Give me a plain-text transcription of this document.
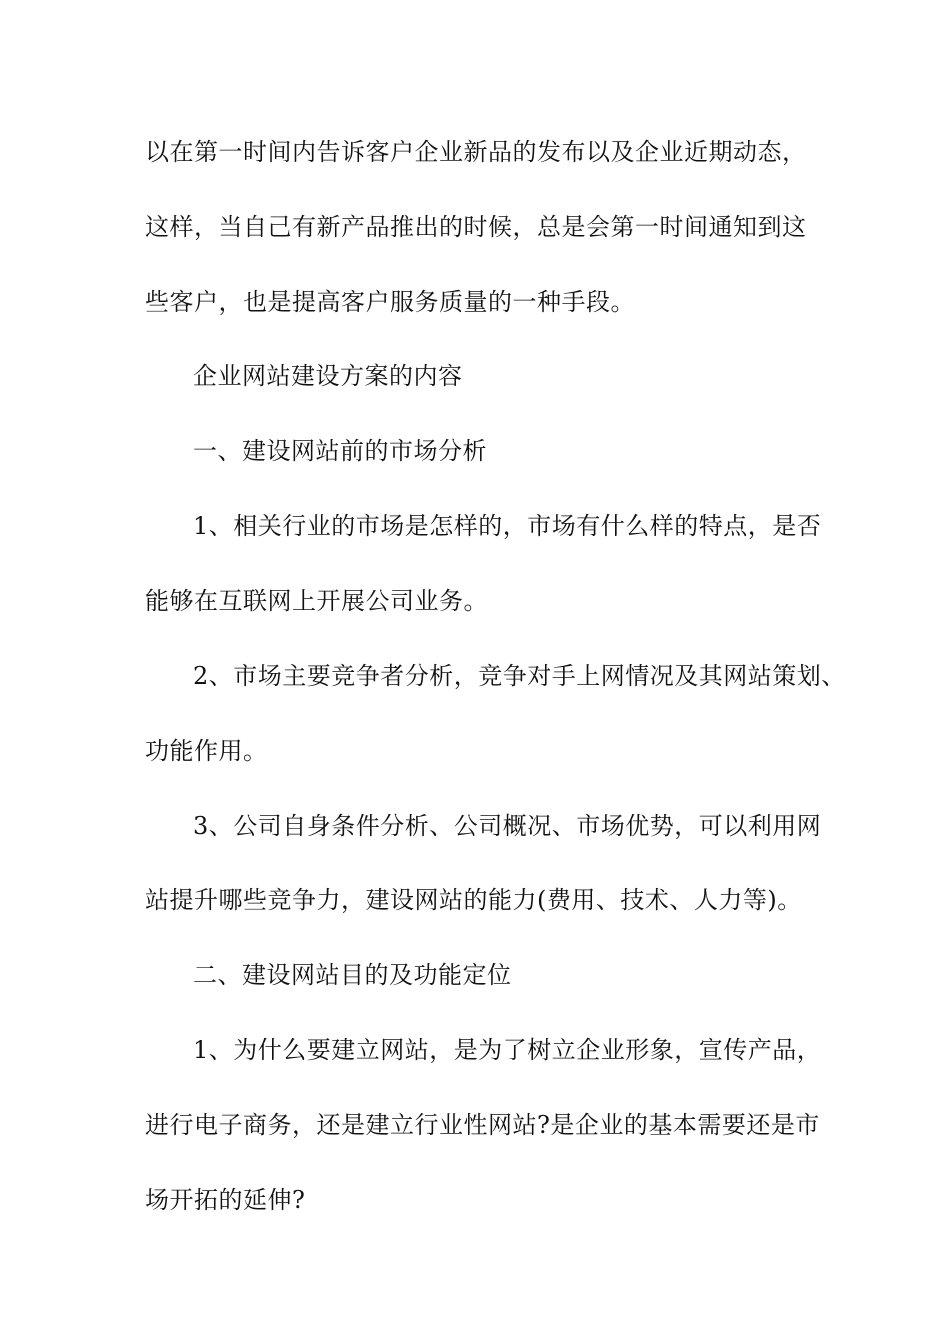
以在第一时间内告诉客户企业新品的发布以及企业近期动态，
这样，当自己有新产品推出的时候，总是会第一时间通知到这
些客户，也是提高客户服务质量的一种手段。
企业网站建设方案的内容
一、建设网站前的市场分析
1、相关行业的市场是怎样的，市场有什么样的特点，是否
能够在互联网上开展公司业务。
2、市场主要竞争者分析，竞争对手上网情况及其网站策划、
功能作用。
3、公司自身条件分析、公司概况、市场优势，可以利用网
站提升哪些竞争力，建设网站的能力(费用、技术、人力等)。
二、建设网站目的及功能定位
1、为什么要建立网站，是为了树立企业形象，宣传产品，
进行电子商务，还是建立行业性网站?是企业的基本需要还是市
场开拓的延伸?
